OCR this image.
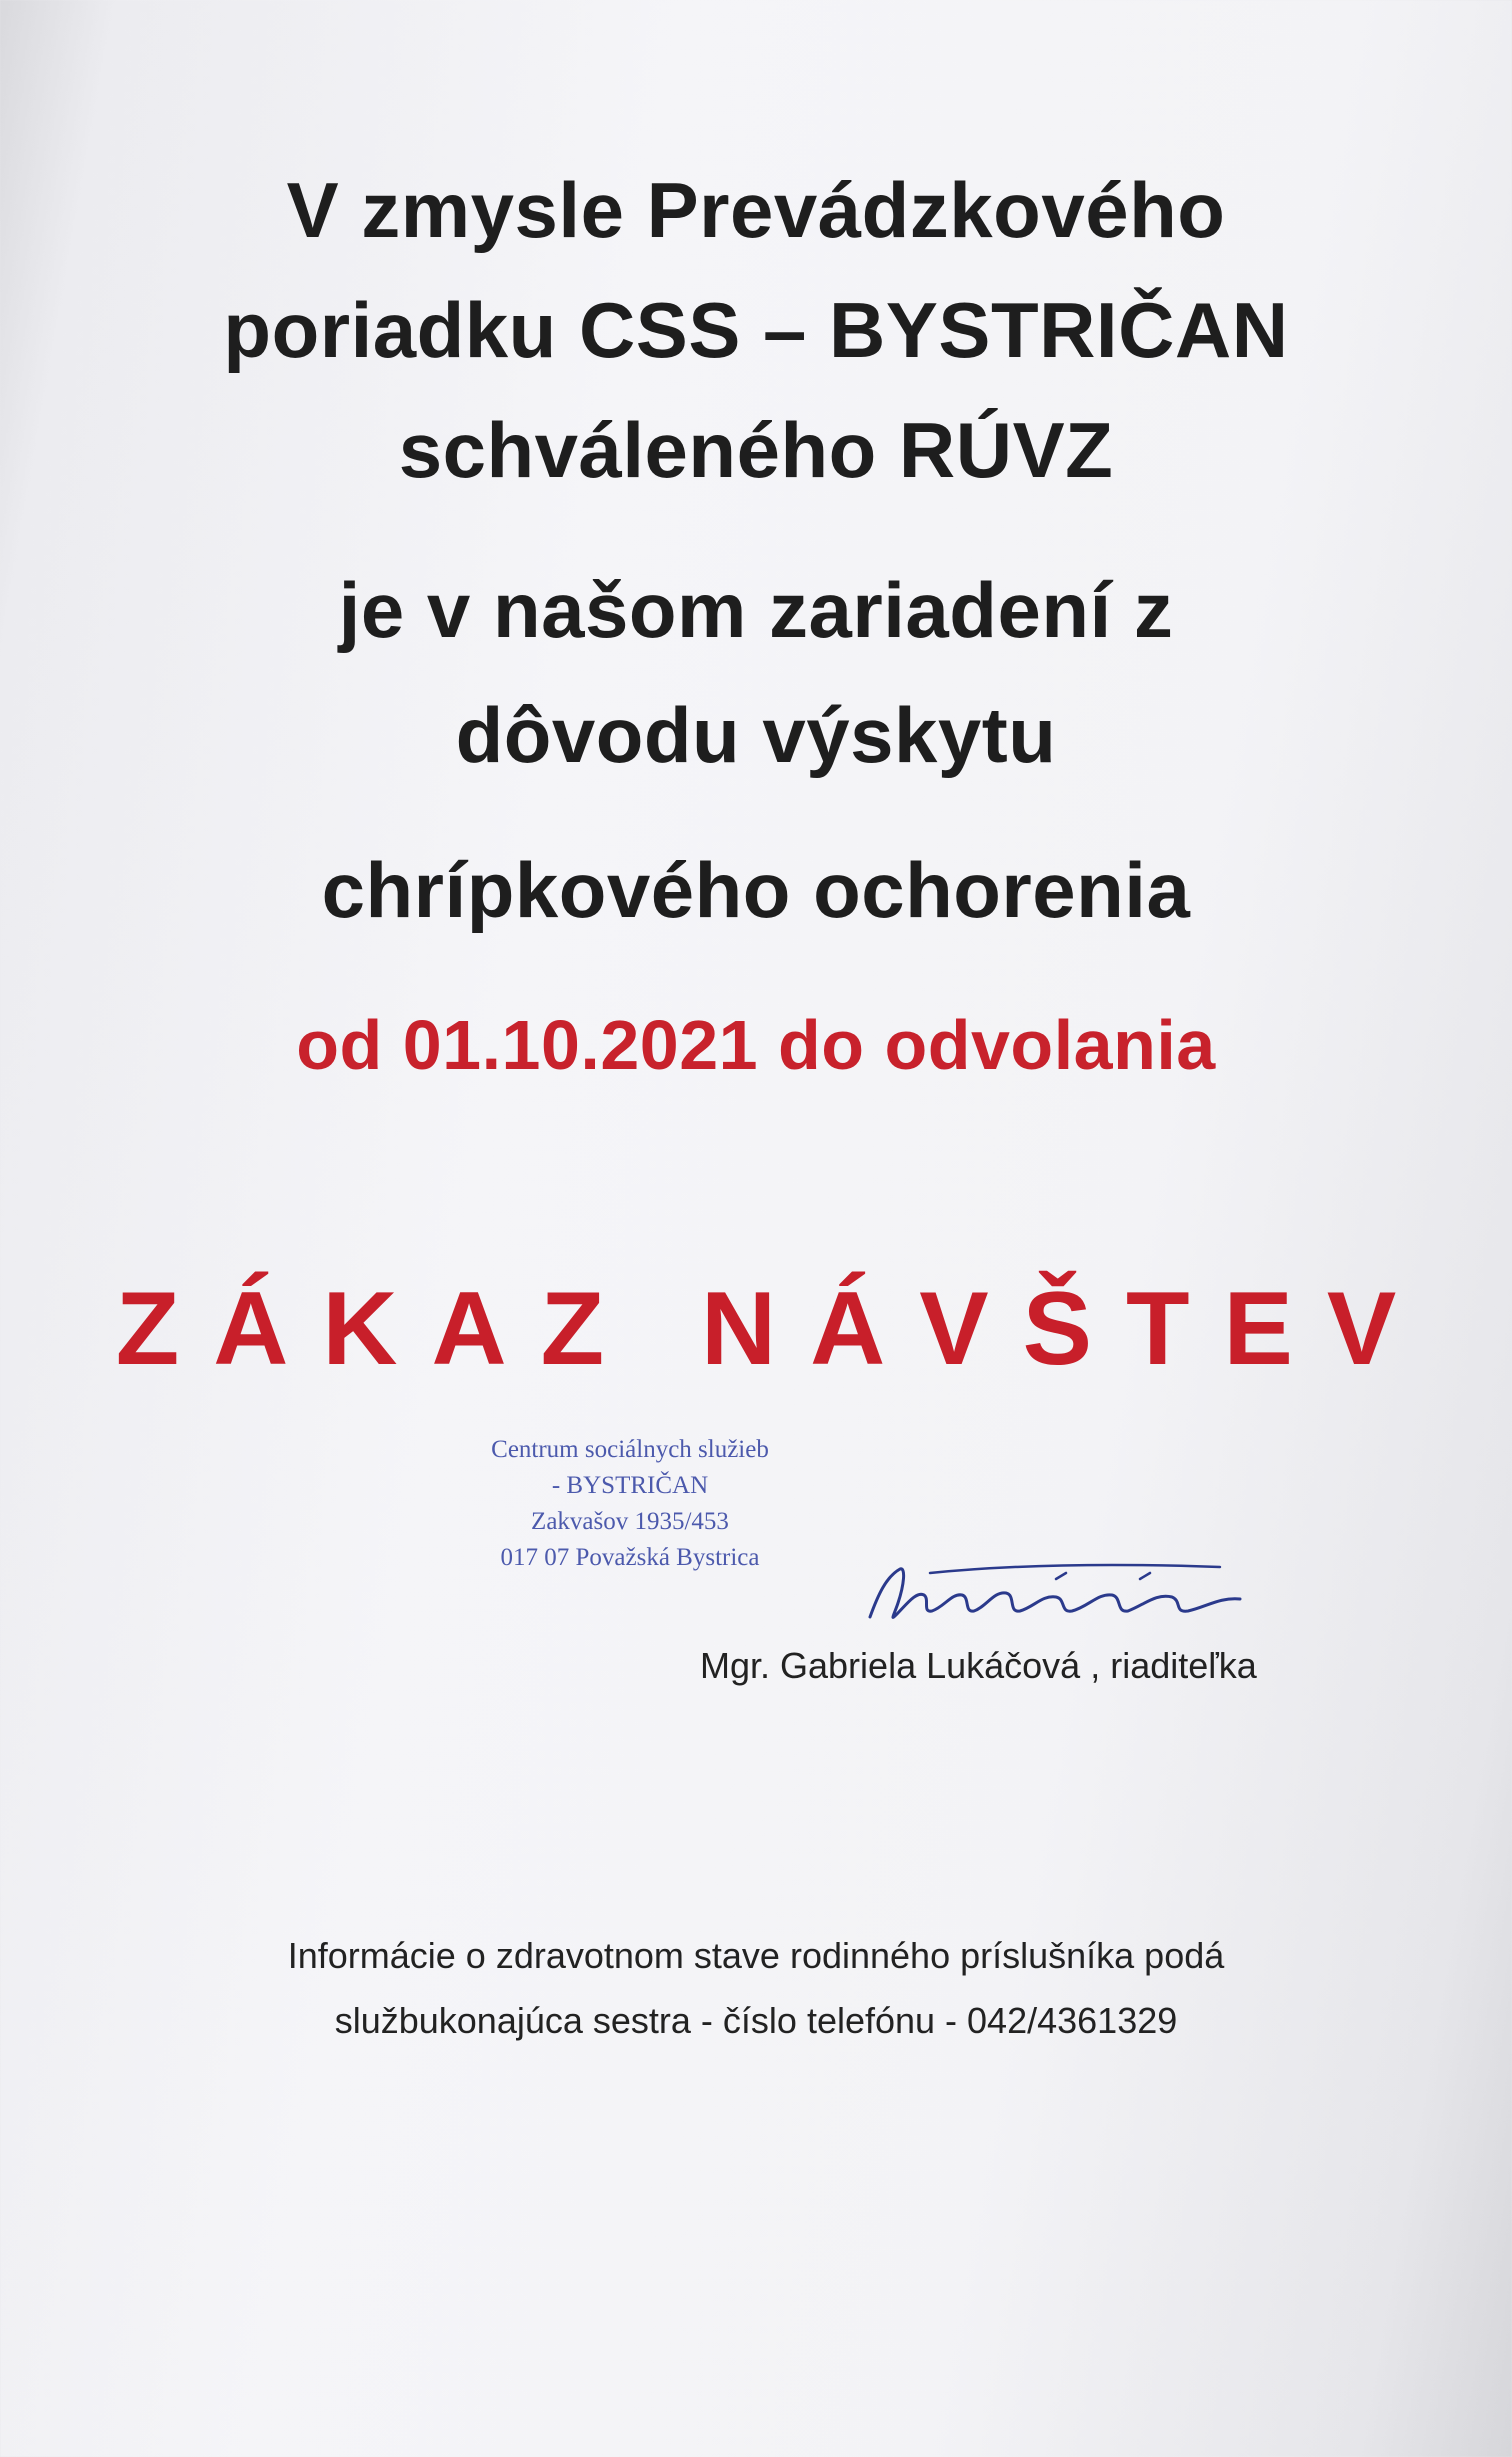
V zmysle Prevádzkového
poriadku CSS – BYSTRIČAN
schváleného RÚVZ
je v našom zariadení z
dôvodu výskytu
chrípkového ochorenia
od 01.10.2021 do odvolania
ZÁKAZ NÁVŠTEV
Centrum sociálnych služieb
- BYSTRIČAN
Zakvašov 1935/453
017 07 Považská Bystrica
Mgr. Gabriela Lukáčová , riaditeľka
Informácie o zdravotnom stave rodinného príslušníka podá
službukonajúca sestra - číslo telefónu - 042/4361329
